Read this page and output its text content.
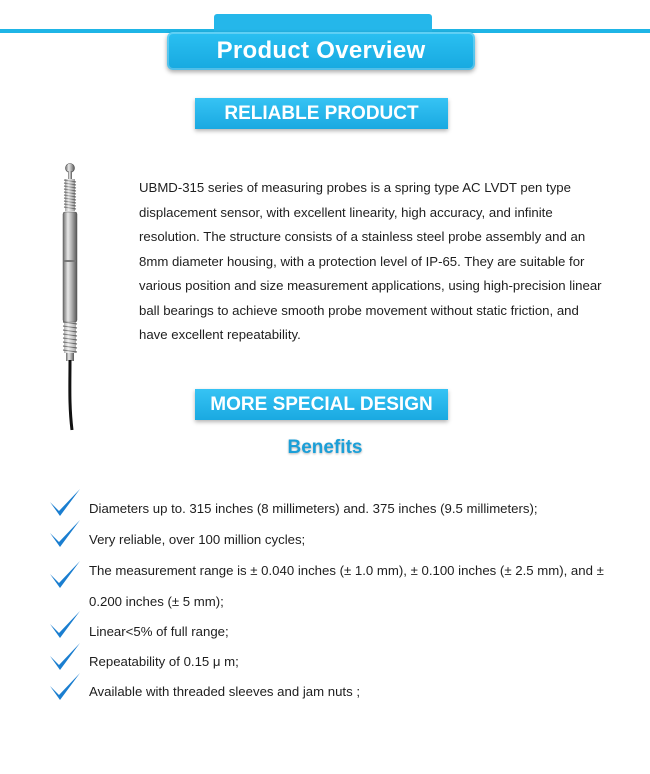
Product Overview
RELIABLE PRODUCT

UBMD-315 series of measuring probes is a spring type AC LVDT pen type displacement sensor, with excellent linearity, high accuracy, and infinite resolution. The structure consists of a stainless steel probe assembly and an 8mm diameter housing, with a protection level of IP-65. They are suitable for various position and size measurement applications, using high-precision linear ball bearings to achieve smooth probe movement without static friction, and have excellent repeatability.

MORE SPECIAL DESIGN
Benefits
Diameters up to. 315 inches (8 millimeters) and. 375 inches (9.5 millimeters);
Very reliable, over 100 million cycles;
The measurement range is ± 0.040 inches (± 1.0 mm), ± 0.100 inches (± 2.5 mm), and ± 0.200 inches (± 5 mm);
Linear<5% of full range;
Repeatability of 0.15 μ m;
Available with threaded sleeves and jam nuts ;
